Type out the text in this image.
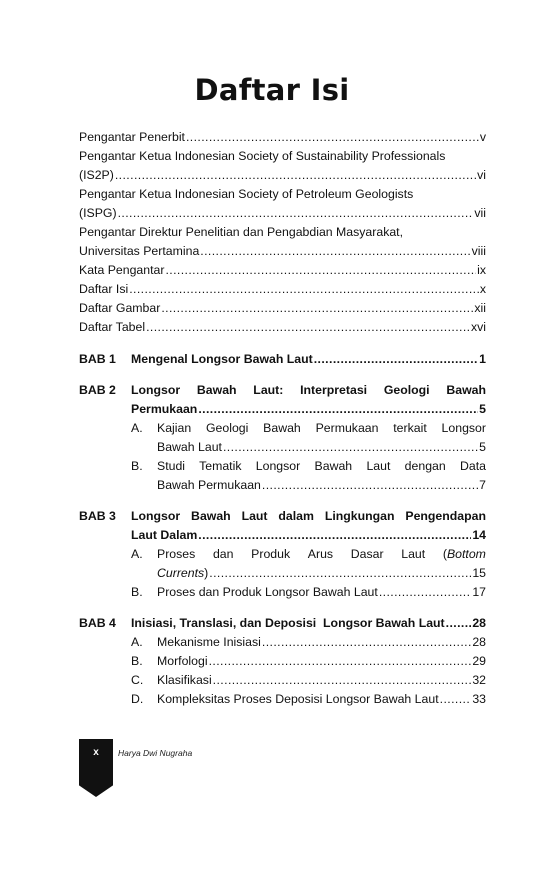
Daftar Isi
Pengantar Penerbit .....	v
Pengantar Ketua Indonesian Society of Sustainability Professionals
(IS2P) .....	vi
Pengantar Ketua Indonesian Society of Petroleum Geologists
(ISPG) .....	vii
Pengantar Direktur Penelitian dan Pengabdian Masyarakat,
Universitas Pertamina .....	viii
Kata Pengantar .....	ix
Daftar Isi .....	x
Daftar Gambar .....	xii
Daftar Tabel .....	xvi
BAB 1 Mengenal Longsor Bawah Laut .....	1
BAB 2 Longsor Bawah Laut: Interpretasi Geologi Bawah
Permukaan .....	5
A. Kajian Geologi Bawah Permukaan terkait Longsor
Bawah Laut .....	5
B. Studi Tematik Longsor Bawah Laut dengan Data
Bawah Permukaan .....	7
BAB 3 Longsor Bawah Laut dalam Lingkungan Pengendapan
Laut Dalam .....	14
A. Proses dan Produk Arus Dasar Laut (Bottom
Currents) .....	15
B. Proses dan Produk Longsor Bawah Laut .....	17
BAB 4 Inisiasi, Translasi, dan Deposisi  Longsor Bawah Laut ..... 28
A. Mekanisme Inisiasi .....	28
B. Morfologi .....	29
C. Klasifikasi .....	32
D. Kompleksitas Proses Deposisi Longsor Bawah Laut .....	33
x	Harya Dwi Nugraha
